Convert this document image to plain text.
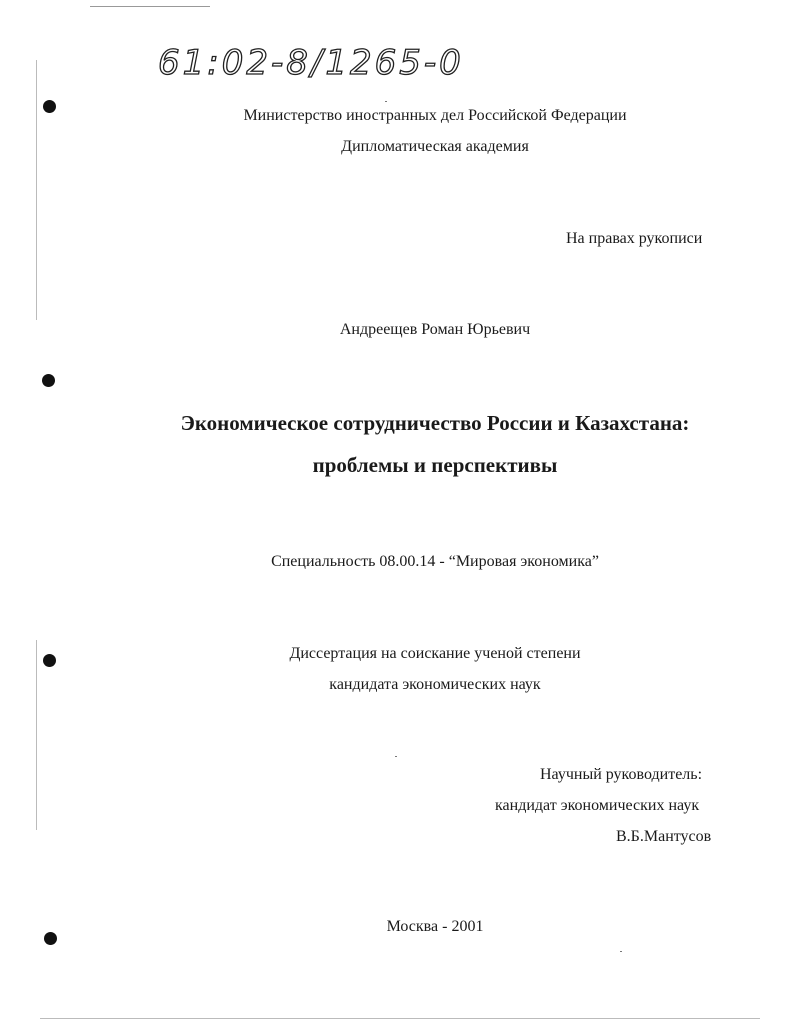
61:02-8/1265-0
Министерство иностранных дел Российской Федерации
Дипломатическая академия
На правах рукописи
Андреещев Роман Юрьевич
Экономическое сотрудничество России и Казахстана:
проблемы и перспективы
Специальность 08.00.14 - “Мировая экономика”
Диссертация на соискание ученой степени
кандидата экономических наук
Научный руководитель:
кандидат экономических наук
В.Б.Мантусов
Москва - 2001
